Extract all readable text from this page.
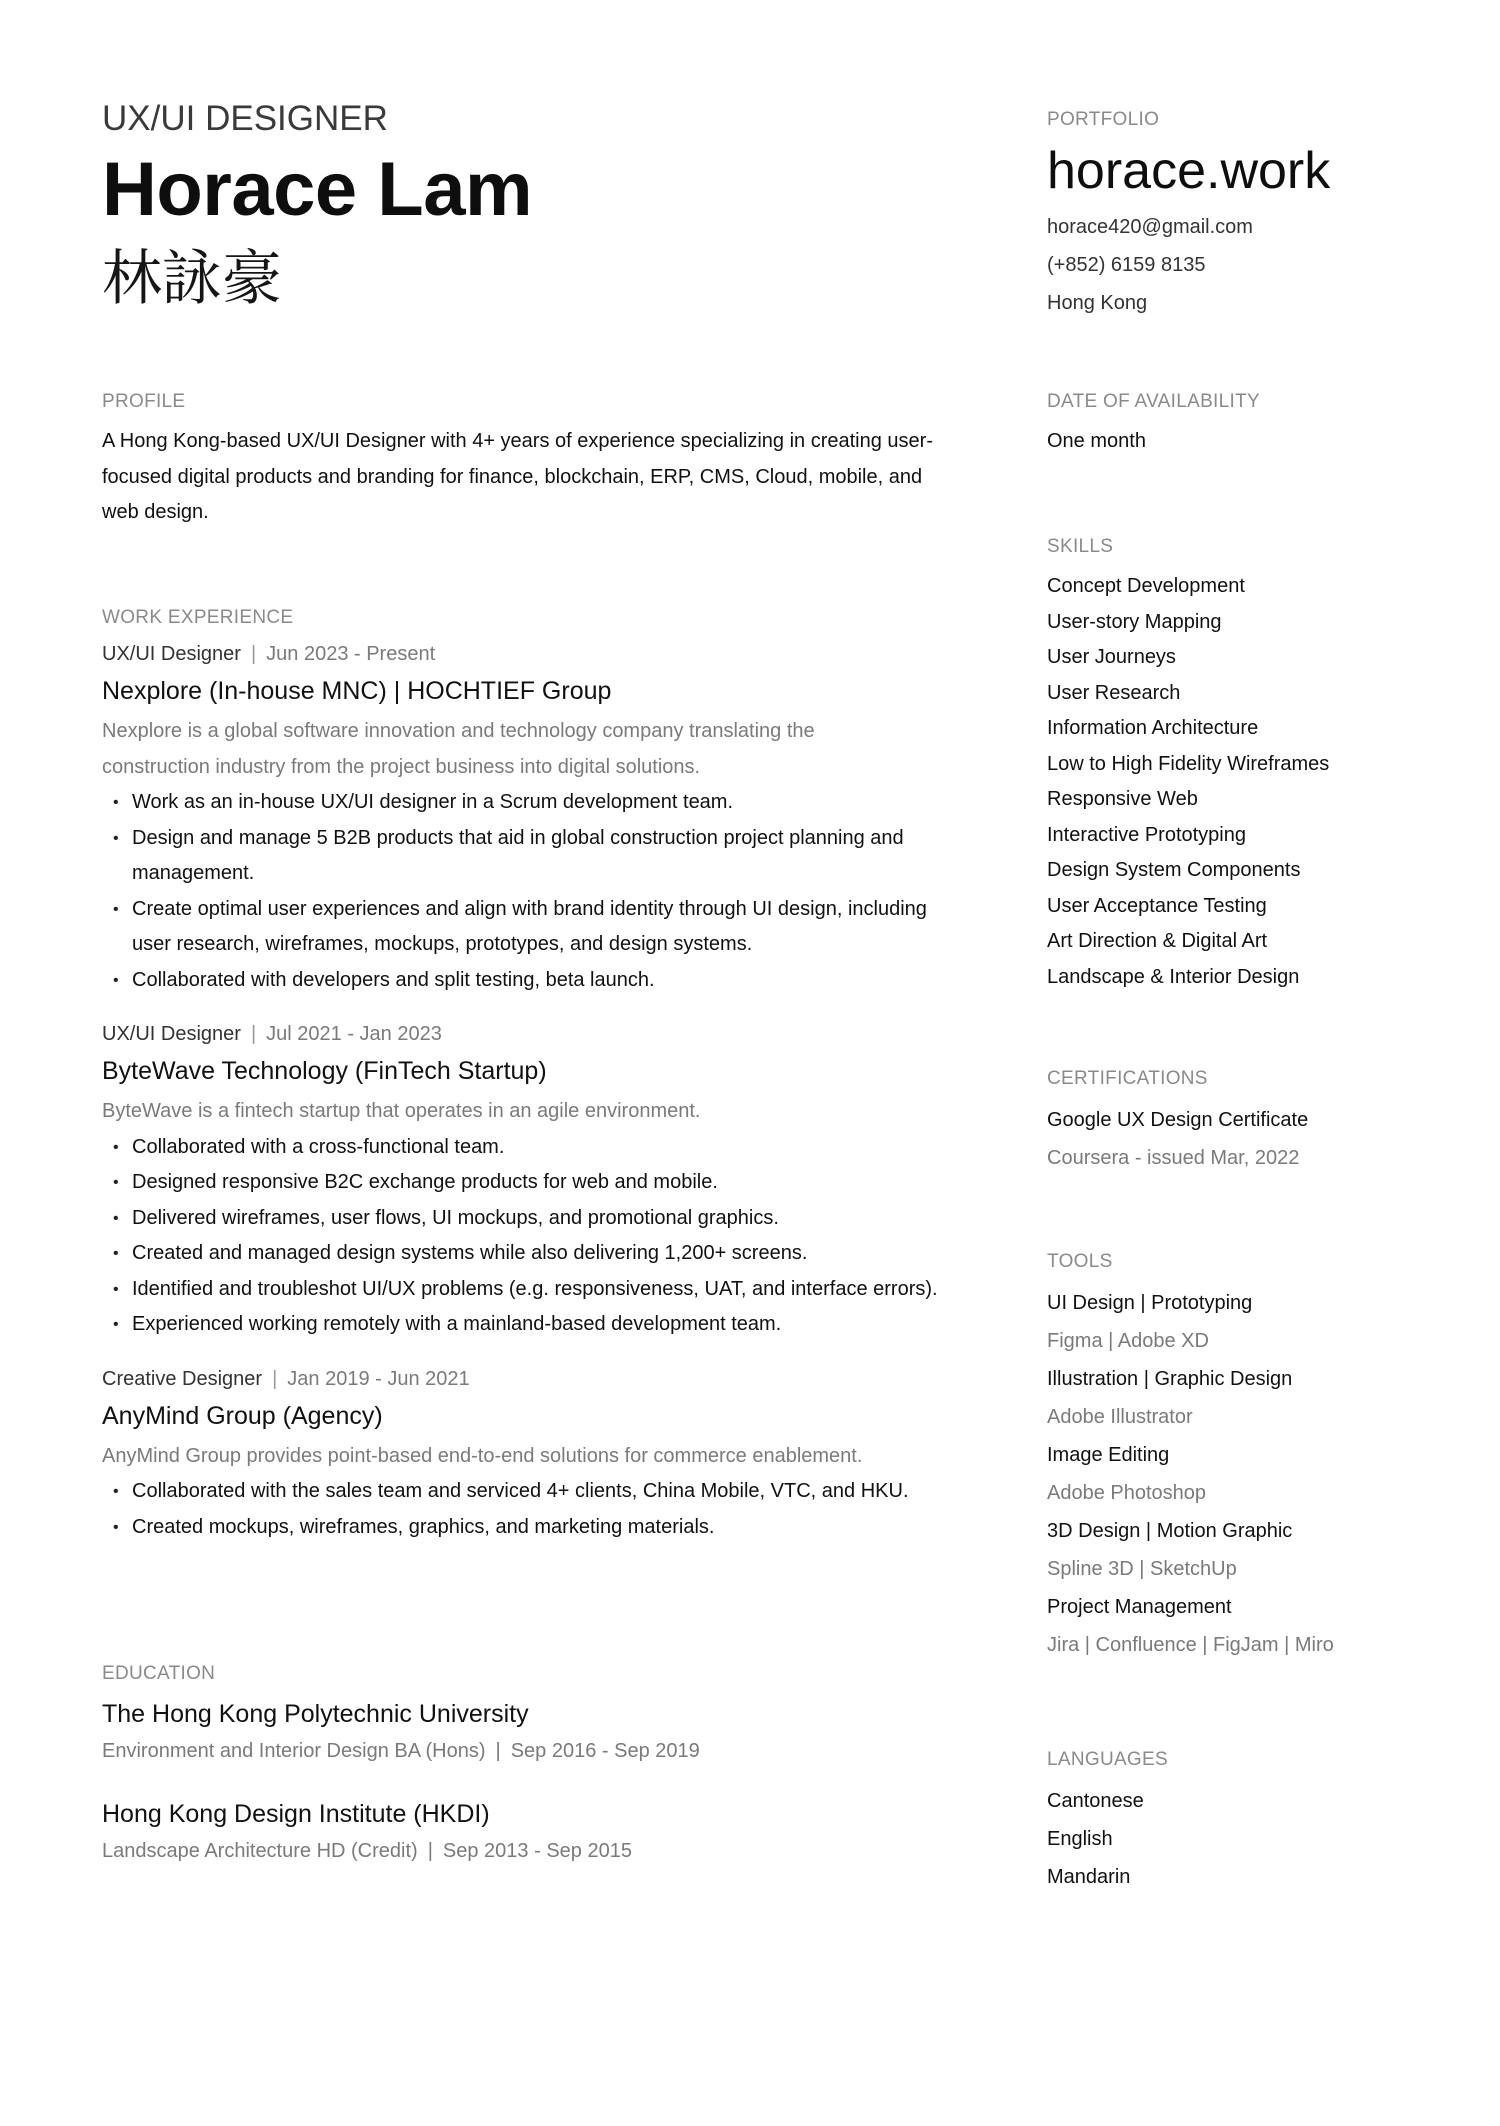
UX/UI DESIGNER

Horace Lam

林詠豪

PROFILE

A Hong Kong-based UX/UI Designer with 4+ years of experience specializing in creating user-

focused digital products and branding for finance, blockchain, ERP, CMS, Cloud, mobile, and

web design.

WORK EXPERIENCE

UX/UI Designer | Jun 2023 - Present

Nexplore (In-house MNC) | HOCHTIEF Group

Nexplore is a global software innovation and technology company translating the

construction industry from the project business into digital solutions.

• Work as an in-house UX/UI designer in a Scrum development team.
• Design and manage 5 B2B products that aid in global construction project planning and
management.
• Create optimal user experiences and align with brand identity through UI design, including
user research, wireframes, mockups, prototypes, and design systems.
• Collaborated with developers and split testing, beta launch.

UX/UI Designer | Jul 2021 - Jan 2023

ByteWave Technology (FinTech Startup)

ByteWave is a fintech startup that operates in an agile environment.

• Collaborated with a cross-functional team.
• Designed responsive B2C exchange products for web and mobile.
• Delivered wireframes, user flows, UI mockups, and promotional graphics.
• Created and managed design systems while also delivering 1,200+ screens.
• Identified and troubleshot UI/UX problems (e.g. responsiveness, UAT, and interface errors).
• Experienced working remotely with a mainland-based development team.

Creative Designer | Jan 2019 - Jun 2021

AnyMind Group (Agency)

AnyMind Group provides point-based end-to-end solutions for commerce enablement.

• Collaborated with the sales team and serviced 4+ clients, China Mobile, VTC, and HKU.
• Created mockups, wireframes, graphics, and marketing materials.

EDUCATION

The Hong Kong Polytechnic University

Environment and Interior Design BA (Hons) | Sep 2016 - Sep 2019

Hong Kong Design Institute (HKDI)

Landscape Architecture HD (Credit) | Sep 2013 - Sep 2015

PORTFOLIO

horace.work

horace420@gmail.com

(+852) 6159 8135

Hong Kong

DATE OF AVAILABILITY

One month

SKILLS

Concept Development

User-story Mapping

User Journeys

User Research

Information Architecture

Low to High Fidelity Wireframes

Responsive Web

Interactive Prototyping

Design System Components

User Acceptance Testing

Art Direction & Digital Art

Landscape & Interior Design

CERTIFICATIONS

Google UX Design Certificate

Coursera - issued Mar, 2022

TOOLS

UI Design | Prototyping

Figma | Adobe XD

Illustration | Graphic Design

Adobe Illustrator

Image Editing

Adobe Photoshop

3D Design | Motion Graphic

Spline 3D | SketchUp

Project Management

Jira | Confluence | FigJam | Miro

LANGUAGES

Cantonese

English

Mandarin
